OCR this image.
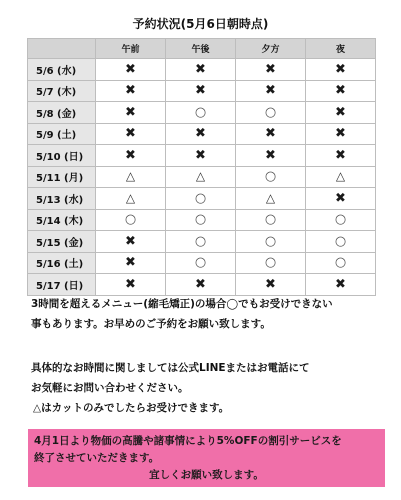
予約状況(5月6日朝時点)
	午前	午後	夕方	夜
5/6 (水)	✖	✖	✖	✖
5/7 (木)	✖	✖	✖	✖
5/8 (金)	✖	○	○	✖
5/9 (土)	✖	✖	✖	✖
5/10 (日)	✖	✖	✖	✖
5/11 (月)	△	△	○	△
5/13 (水)	△	○	△	✖
5/14 (木)	○	○	○	○
5/15 (金)	✖	○	○	○
5/16 (土)	✖	○	○	○
5/17 (日)	✖	✖	✖	✖

3時間を超えるメニュー(縮毛矯正)の場合◯でもお受けできない
事もあります。お早めのご予約をお願い致します。

具体的なお時間に関しましては公式LINEまたはお電話にて
お気軽にお問い合わせください。
△はカットのみでしたらお受けできます。

4月1日より物価の高騰や諸事情により5%OFFの割引サービスを
終了させていただきます。
宜しくお願い致します。
